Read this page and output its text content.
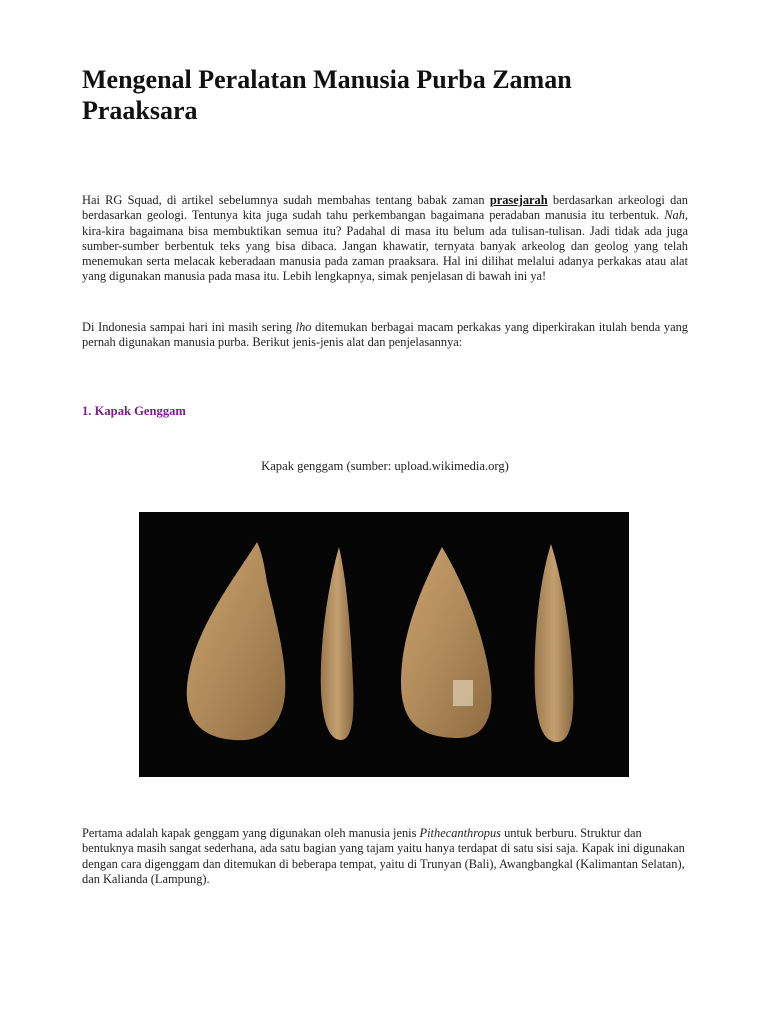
Mengenal Peralatan Manusia Purba Zaman Praaksara

Hai RG Squad, di artikel sebelumnya sudah membahas tentang babak zaman prasejarah berdasarkan arkeologi dan berdasarkan geologi. Tentunya kita juga sudah tahu perkembangan bagaimana peradaban manusia itu terbentuk. Nah, kira-kira bagaimana bisa membuktikan semua itu? Padahal di masa itu belum ada tulisan-tulisan. Jadi tidak ada juga sumber-sumber berbentuk teks yang bisa dibaca. Jangan khawatir, ternyata banyak arkeolog dan geolog yang telah menemukan serta melacak keberadaan manusia pada zaman praaksara. Hal ini dilihat melalui adanya perkakas atau alat yang digunakan manusia pada masa itu. Lebih lengkapnya, simak penjelasan di bawah ini ya!

Di Indonesia sampai hari ini masih sering lho ditemukan berbagai macam perkakas yang diperkirakan itulah benda yang pernah digunakan manusia purba. Berikut jenis-jenis alat dan penjelasannya:

1. Kapak Genggam

Kapak genggam (sumber: upload.wikimedia.org)

Pertama adalah kapak genggam yang digunakan oleh manusia jenis Pithecanthropus untuk berburu. Struktur dan bentuknya masih sangat sederhana, ada satu bagian yang tajam yaitu hanya terdapat di satu sisi saja. Kapak ini digunakan dengan cara digenggam dan ditemukan di beberapa tempat, yaitu di Trunyan (Bali), Awangbangkal (Kalimantan Selatan), dan Kalianda (Lampung).
